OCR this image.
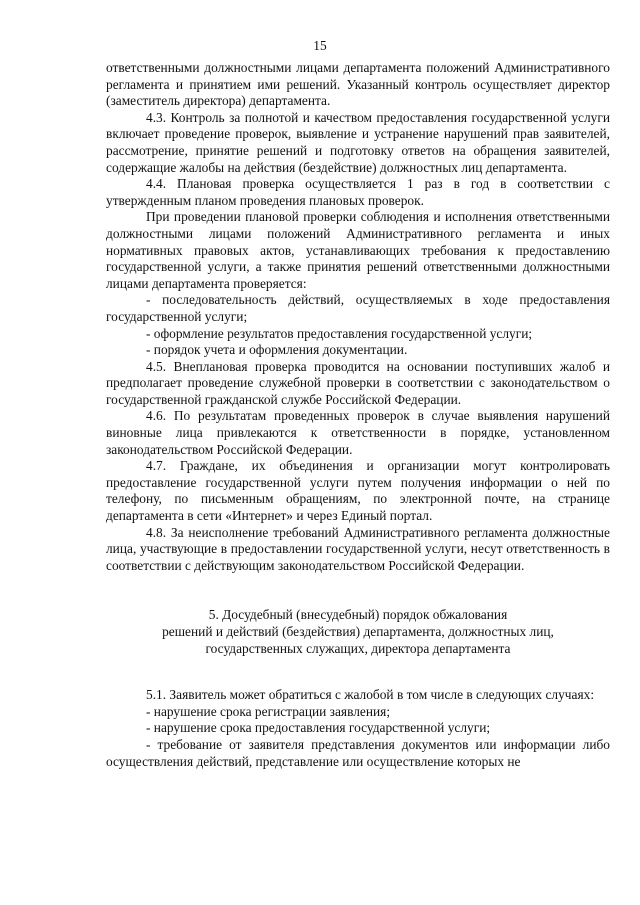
15

ответственными должностными лицами департамента положений Административного регламента и принятием ими решений. Указанный контроль осуществляет директор (заместитель директора) департамента.

4.3. Контроль за полнотой и качеством предоставления государственной услуги включает проведение проверок, выявление и устранение нарушений прав заявителей, рассмотрение, принятие решений и подготовку ответов на обращения заявителей, содержащие жалобы на действия (бездействие) должностных лиц департамента.

4.4. Плановая проверка осуществляется 1 раз в год в соответствии с утвержденным планом проведения плановых проверок.

При проведении плановой проверки соблюдения и исполнения ответственными должностными лицами положений Административного регламента и иных нормативных правовых актов, устанавливающих требования к предоставлению государственной услуги, а также принятия решений ответственными должностными лицами департамента проверяется:

- последовательность действий, осуществляемых в ходе предоставления государственной услуги;

- оформление результатов предоставления государственной услуги;

- порядок учета и оформления документации.

4.5. Внеплановая проверка проводится на основании поступивших жалоб и предполагает проведение служебной проверки в соответствии с законодательством о государственной гражданской службе Российской Федерации.

4.6. По результатам проведенных проверок в случае выявления нарушений виновные лица привлекаются к ответственности в порядке, установленном законодательством Российской Федерации.

4.7. Граждане, их объединения и организации могут контролировать предоставление государственной услуги путем получения информации о ней по телефону, по письменным обращениям, по электронной почте, на странице департамента в сети «Интернет» и через Единый портал.

4.8. За неисполнение требований Административного регламента должностные лица, участвующие в предоставлении государственной услуги, несут ответственность в соответствии с действующим законодательством Российской Федерации.

5. Досудебный (внесудебный) порядок обжалования
решений и действий (бездействия) департамента, должностных лиц,
государственных служащих, директора департамента

5.1. Заявитель может обратиться с жалобой в том числе в следующих случаях:

- нарушение срока регистрации заявления;

- нарушение срока предоставления государственной услуги;

- требование от заявителя представления документов или информации либо осуществления действий, представление или осуществление которых не
